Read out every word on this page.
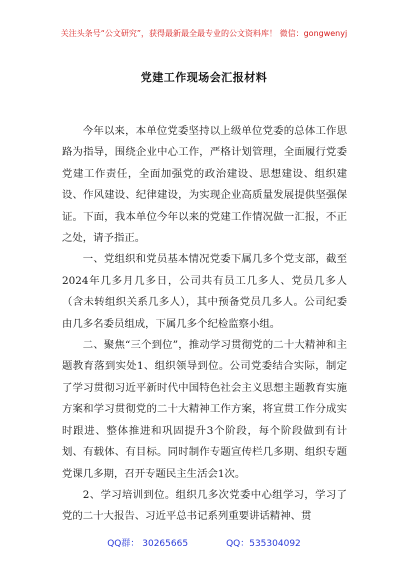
关注头条号“公文研究”，获得最新最全最专业的公文资料库！ 微信：gongwenyj
党建工作现场会汇报材料

今年以来，本单位党委坚持以上级单位党委的总体工作思路为指导，围绕企业中心工作，严格计划管理，全面履行党委党建工作责任，全面加强党的政治建设、思想建设、组织建设、作风建设、纪律建设，为实现企业高质量发展提供坚强保证。下面，我本单位今年以来的党建工作情况做一汇报，不正之处，请予指正。

一、党组织和党员基本情况党委下属几多个党支部，截至2024年几多月几多日，公司共有员工几多人、党员几多人（含未转组织关系几多人），其中预备党员几多人。公司纪委由几多名委员组成，下属几多个纪检监察小组。

二、聚焦“三个到位”，推动学习贯彻党的二十大精神和主题教育落到实处1、组织领导到位。公司党委结合实际，制定了学习贯彻习近平新时代中国特色社会主义思想主题教育实施方案和学习贯彻党的二十大精神工作方案，将宣贯工作分成实时跟进、整体推进和巩固提升3个阶段，每个阶段做到有计划、有载体、有目标。同时制作专题宣传栏几多期、组织专题党课几多期，召开专题民主生活会1次。

2、学习培训到位。组织几多次党委中心组学习，学习了党的二十大报告、习近平总书记系列重要讲话精神、贯

QQ群： 30265665	QQ：535304092
